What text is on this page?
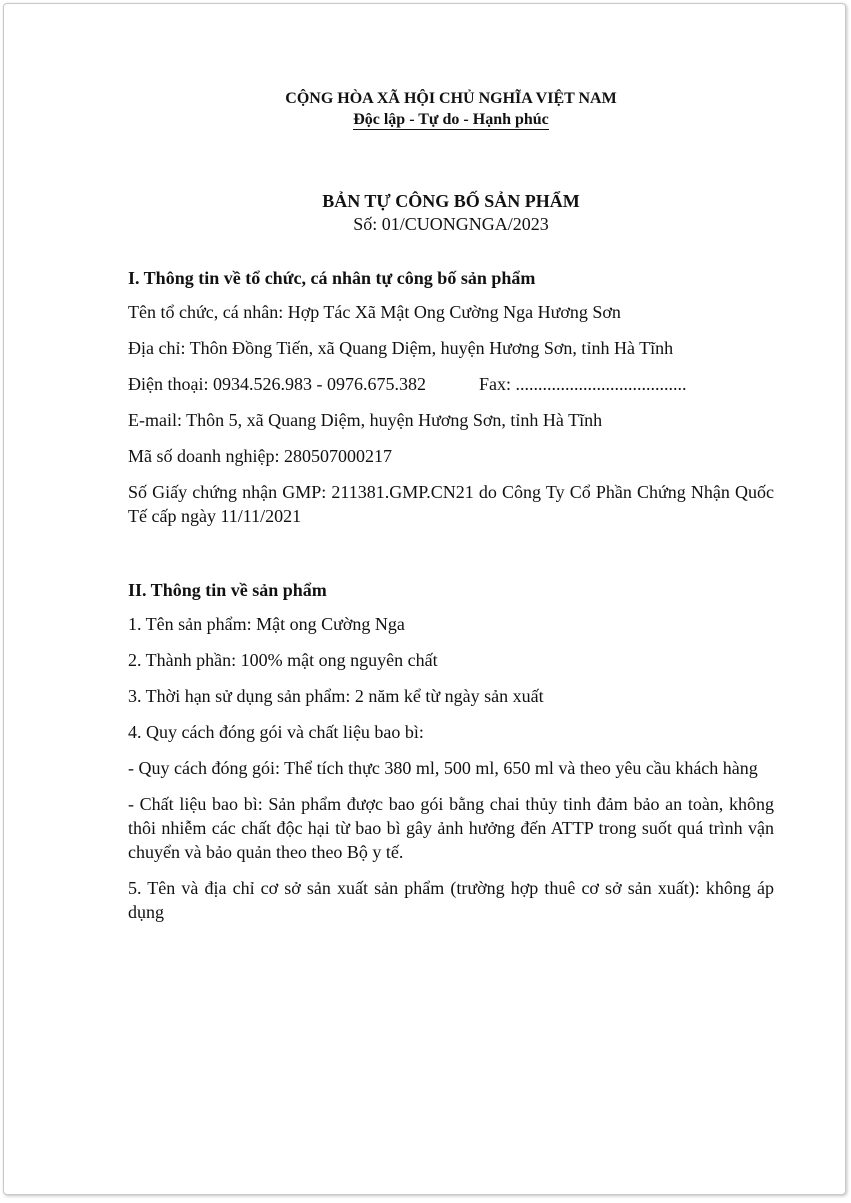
CỘNG HÒA XÃ HỘI CHỦ NGHĨA VIỆT NAM

Độc lập - Tự do - Hạnh phúc

BẢN TỰ CÔNG BỐ SẢN PHẨM

Số: 01/CUONGNGA/2023

I. Thông tin về tổ chức, cá nhân tự công bố sản phẩm

Tên tổ chức, cá nhân: Hợp Tác Xã Mật Ong Cường Nga Hương Sơn

Địa chỉ: Thôn Đồng Tiến, xã Quang Diệm, huyện Hương Sơn, tỉnh Hà Tĩnh

Điện thoại: 0934.526.983 - 0976.675.382	Fax: ......................................

E-mail: Thôn 5, xã Quang Diệm, huyện Hương Sơn, tỉnh Hà Tĩnh

Mã số doanh nghiệp: 280507000217

Số Giấy chứng nhận GMP: 211381.GMP.CN21 do Công Ty Cổ Phần Chứng Nhận Quốc Tế cấp ngày 11/11/2021

II. Thông tin về sản phẩm

1. Tên sản phẩm: Mật ong Cường Nga

2. Thành phần: 100% mật ong nguyên chất

3. Thời hạn sử dụng sản phẩm: 2 năm kể từ ngày sản xuất

4. Quy cách đóng gói và chất liệu bao bì:

- Quy cách đóng gói: Thể tích thực 380 ml, 500 ml, 650 ml và theo yêu cầu khách hàng

- Chất liệu bao bì: Sản phẩm được bao gói bằng chai thủy tinh đảm bảo an toàn, không thôi nhiễm các chất độc hại từ bao bì gây ảnh hưởng đến ATTP trong suốt quá trình vận chuyển và bảo quản theo theo Bộ y tế.

5. Tên và địa chỉ cơ sở sản xuất sản phẩm (trường hợp thuê cơ sở sản xuất): không áp dụng
